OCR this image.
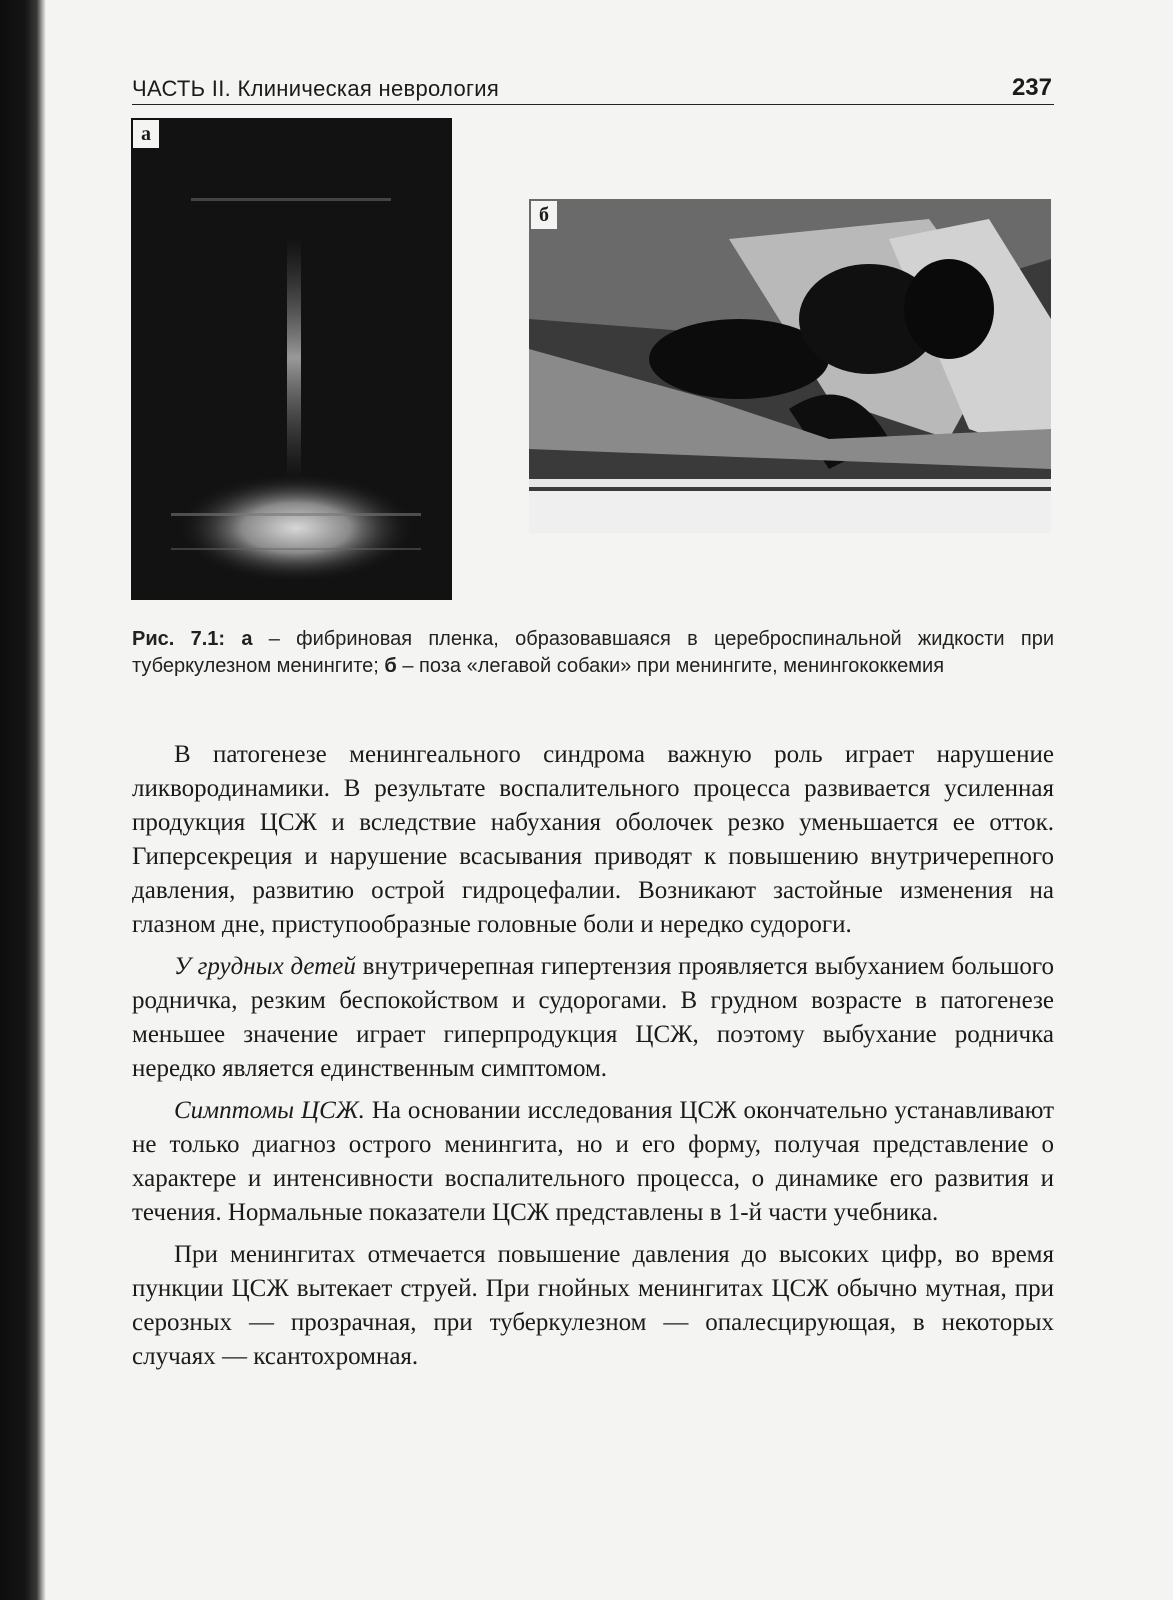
ЧАСТЬ II. Клиническая неврология	237
а
б
Рис. 7.1: а – фибриновая пленка, образовавшаяся в цереброспинальной жидкости при туберкулезном менингите; б – поза «легавой собаки» при менингите, менингококкемия

В патогенезе менингеального синдрома важную роль играет нарушение ликвородинамики. В результате воспалительного процесса развивается усиленная продукция ЦСЖ и вследствие набухания оболочек резко уменьшается ее отток. Гиперсекреция и нарушение всасывания приводят к повышению внутричерепного давления, развитию острой гидроцефалии. Возникают застойные изменения на глазном дне, приступообразные головные боли и нередко судороги.

У грудных детей внутричерепная гипертензия проявляется выбуханием большого родничка, резким беспокойством и судорогами. В грудном возрасте в патогенезе меньшее значение играет гиперпродукция ЦСЖ, поэтому выбухание родничка нередко является единственным симптомом.

Симптомы ЦСЖ. На основании исследования ЦСЖ окончательно устанавливают не только диагноз острого менингита, но и его форму, получая представление о характере и интенсивности воспалительного процесса, о динамике его развития и течения. Нормальные показатели ЦСЖ представлены в 1-й части учебника.

При менингитах отмечается повышение давления до высоких цифр, во время пункции ЦСЖ вытекает струей. При гнойных менингитах ЦСЖ обычно мутная, при серозных — прозрачная, при туберкулезном — опалесцирующая, в некоторых случаях — ксантохромная.
